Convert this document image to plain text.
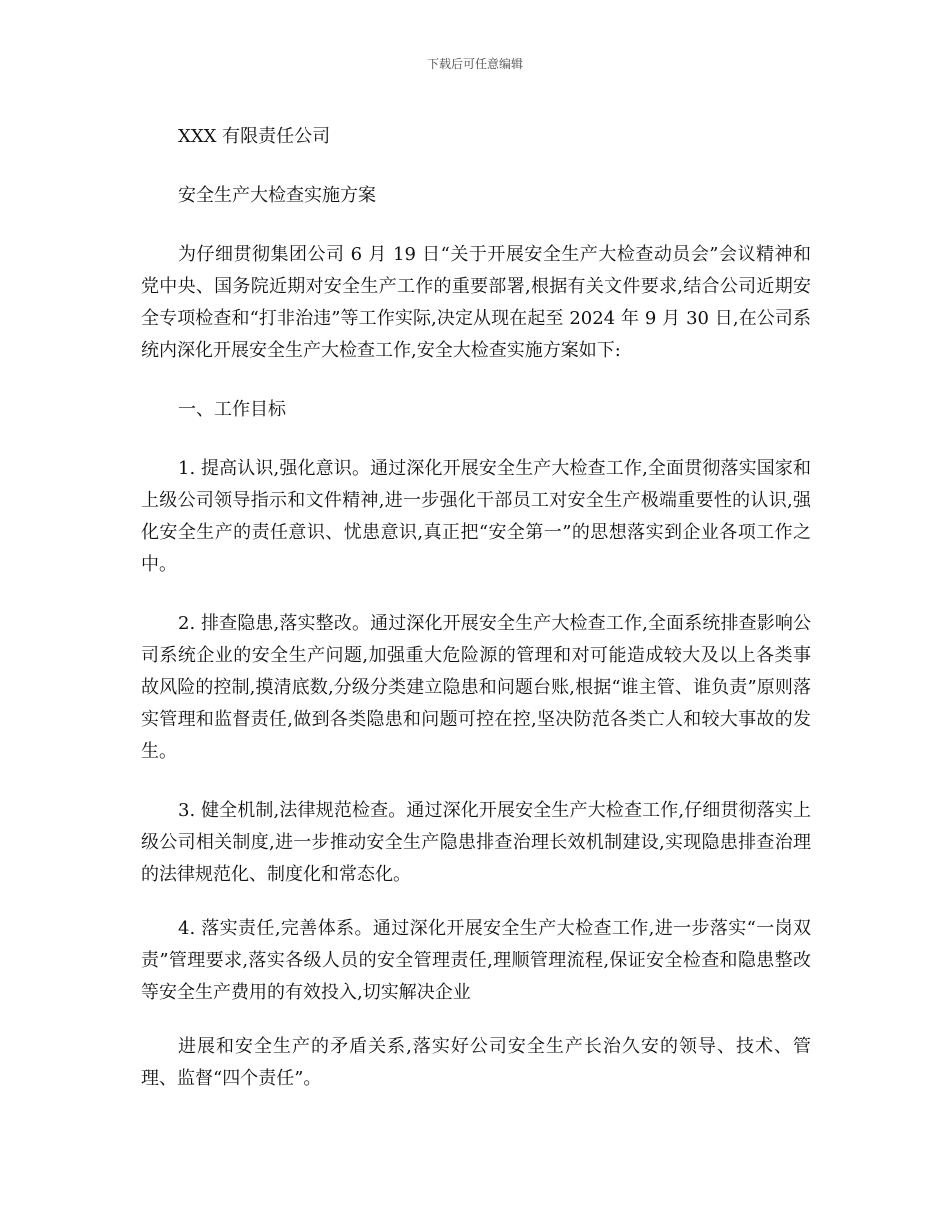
下载后可任意编辑

XXX 有限责任公司

安全生产大检查实施方案

为仔细贯彻集团公司 6 月 19 日“关于开展安全生产大检查动员会”会议精神和党中央、国务院近期对安全生产工作的重要部署,根据有关文件要求,结合公司近期安全专项检查和“打非治违”等工作实际,决定从现在起至 2024 年 9 月 30 日,在公司系统内深化开展安全生产大检查工作,安全大检查实施方案如下:

一、工作目标

1. 提高认识,强化意识。通过深化开展安全生产大检查工作,全面贯彻落实国家和上级公司领导指示和文件精神,进一步强化干部员工对安全生产极端重要性的认识,强化安全生产的责任意识、忧患意识,真正把“安全第一”的思想落实到企业各项工作之中。

2. 排查隐患,落实整改。通过深化开展安全生产大检查工作,全面系统排查影响公司系统企业的安全生产问题,加强重大危险源的管理和对可能造成较大及以上各类事故风险的控制,摸清底数,分级分类建立隐患和问题台账,根据“谁主管、谁负责”原则落实管理和监督责任,做到各类隐患和问题可控在控,坚决防范各类亡人和较大事故的发生。

3. 健全机制,法律规范检查。通过深化开展安全生产大检查工作,仔细贯彻落实上级公司相关制度,进一步推动安全生产隐患排查治理长效机制建设,实现隐患排查治理的法律规范化、制度化和常态化。

4. 落实责任,完善体系。通过深化开展安全生产大检查工作,进一步落实“一岗双责”管理要求,落实各级人员的安全管理责任,理顺管理流程,保证安全检查和隐患整改等安全生产费用的有效投入,切实解决企业

进展和安全生产的矛盾关系,落实好公司安全生产长治久安的领导、技术、管理、监督“四个责任”。
